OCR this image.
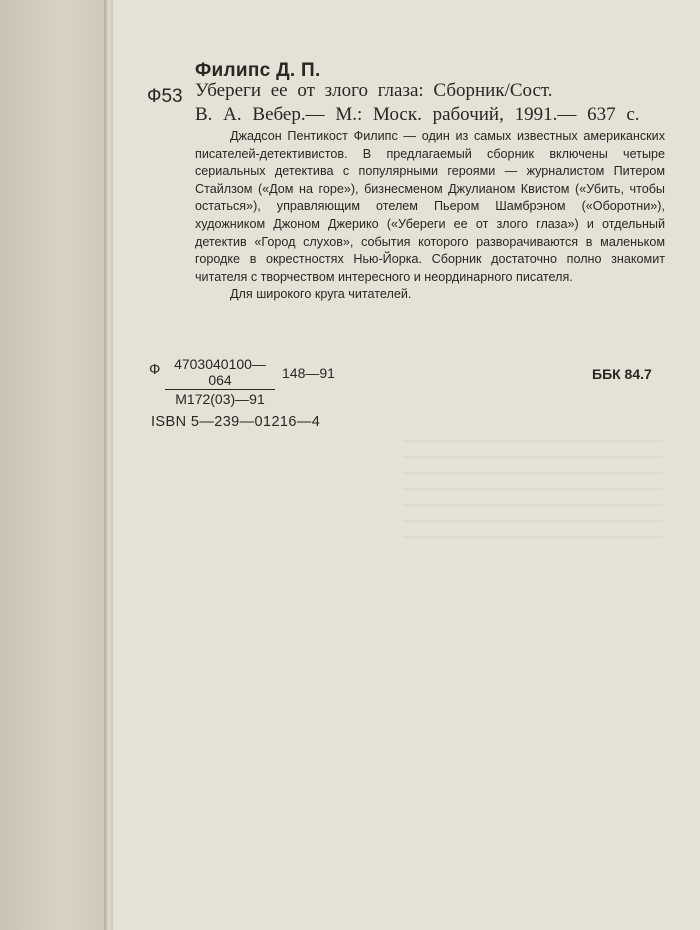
Филипс Д. П.
Ф53 Убереги ее от злого глаза: Сборник/Сост.
В. А. Вебер.— М.: Моск. рабочий, 1991.— 637 с.

Джадсон Пентикост Филипс — один из самых известных американских писателей-детективистов. В предлагаемый сборник включены четыре сериальных детектива с популярными героями — журналистом Питером Стайлзом («Дом на горе»), бизнесменом Джулианом Квистом («Убить, чтобы остаться»), управляющим отелем Пьером Шамбрэном («Оборотни»), художником Джоном Джерико («Убереги ее от злого глаза») и отдельный детектив «Город слухов», события которого разворачиваются в маленьком городке в окрестностях Нью-Йорка. Сборник достаточно полно знакомит читателя с творчеством интересного и неординарного писателя.

Для широкого круга читателей.

Ф 4703040100—064
М172(03)—91
148—91	ББК 84.7
ISBN 5—239—01216—4
